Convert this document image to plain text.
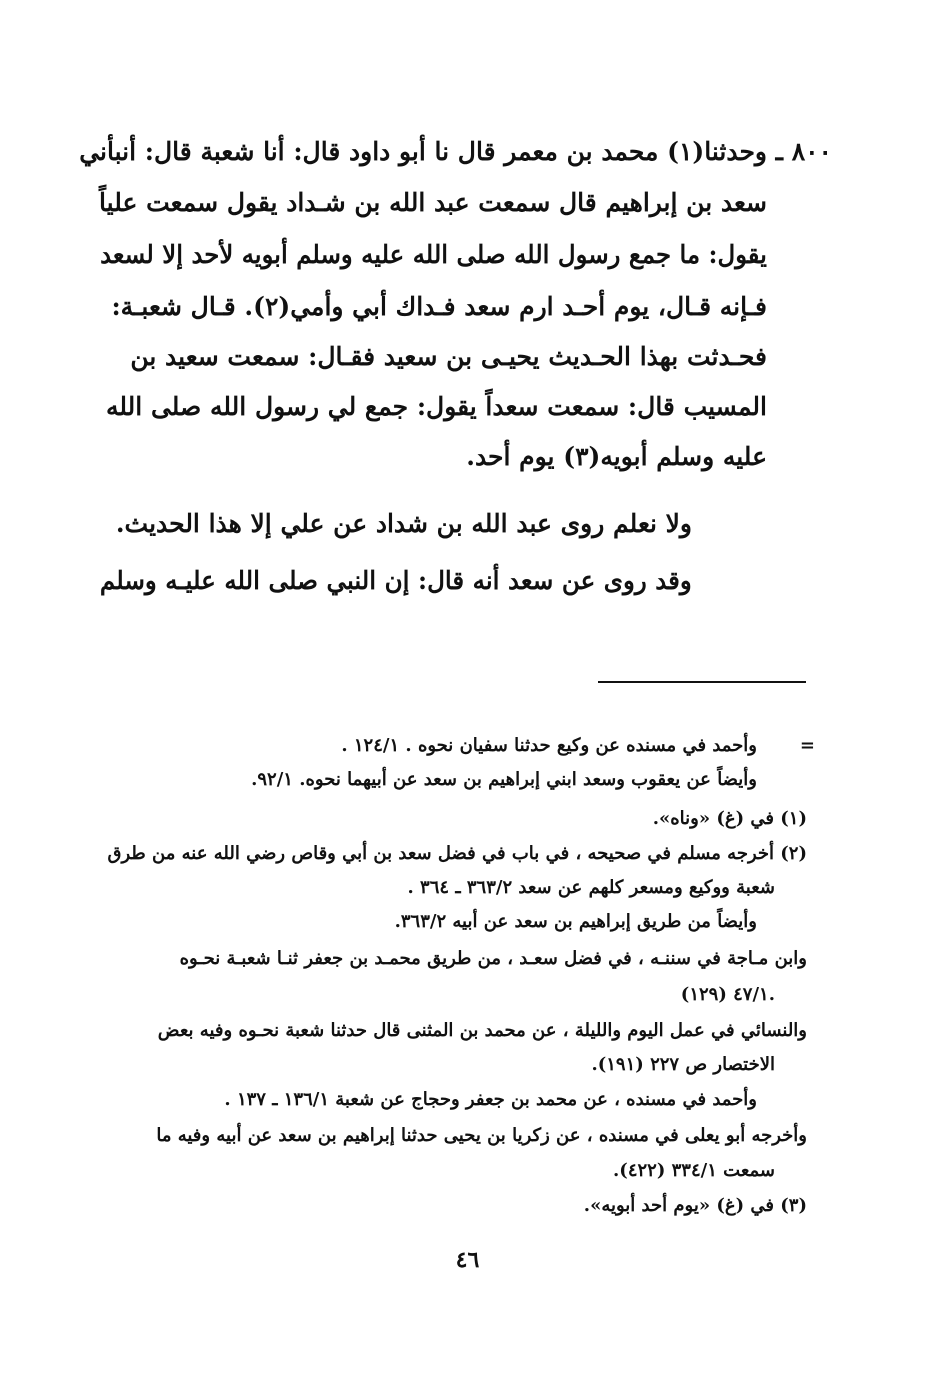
٨٠٠ ـ
وحدثنا(١) محمد بن معمر قال نا أبو داود قال: أنا شعبة قال: أنبأني
سعد بن إبراهيم قال سمعت عبد الله بن شـداد يقول سمعت علياً
يقول: ما جمع رسول الله صلى الله عليه وسلم أبويه لأحد إلا لسعد
فـإنه قـال، يوم أحـد ارم سعد فـداك أبي وأمي(٢). قـال شعبـة:
فحـدثت بهذا الحـديث يحيـى بن سعيد فقـال: سمعت سعيد بن
المسيب قال: سمعت سعداً يقول: جمع لي رسول الله صلى الله
عليه وسلم أبويه(٣) يوم أحد.
ولا نعلم روى عبد الله بن شداد عن علي إلا هذا الحديث.
وقد روى عن سعد أنه قال: إن النبي صلى الله عليـه وسلم
=
وأحمد في مسنده عن وكيع حدثنا سفيان نحوه . ١٢٤/١ .
وأيضاً عن يعقوب وسعد ابني إبراهيم بن سعد عن أبيهما نحوه. ٩٢/١.
(١) في (غ) «وناه».
(٢) أخرجه مسلم في صحيحه ، في باب في فضل سعد بن أبي وقاص رضي الله عنه من طرق
شعبة ووكيع ومسعر كلهم عن سعد ٣٦٣/٢ ـ ٣٦٤ .
وأيضاً من طريق إبراهيم بن سعد عن أبيه ٣٦٣/٢.
وابن مـاجة في سننـه ، في فضل سعـد ، من طريق محمـد بن جعفر ثنـا شعبـة نحـوه
٤٧/١ (١٢٩).
والنسائي في عمل اليوم والليلة ، عن محمد بن المثنى قال حدثنا شعبة نحـوه وفيه بعض
الاختصار ص ٢٢٧ (١٩١).
وأحمد في مسنده ، عن محمد بن جعفر وحجاج عن شعبة ١٣٦/١ ـ ١٣٧ .
وأخرجه أبو يعلى في مسنده ، عن زكريا بن يحيى حدثنا إبراهيم بن سعد عن أبيه وفيه ما
سمعت ٣٣٤/١ (٤٢٢).
(٣) في (غ) «يوم أحد أبويه».
٤٦
